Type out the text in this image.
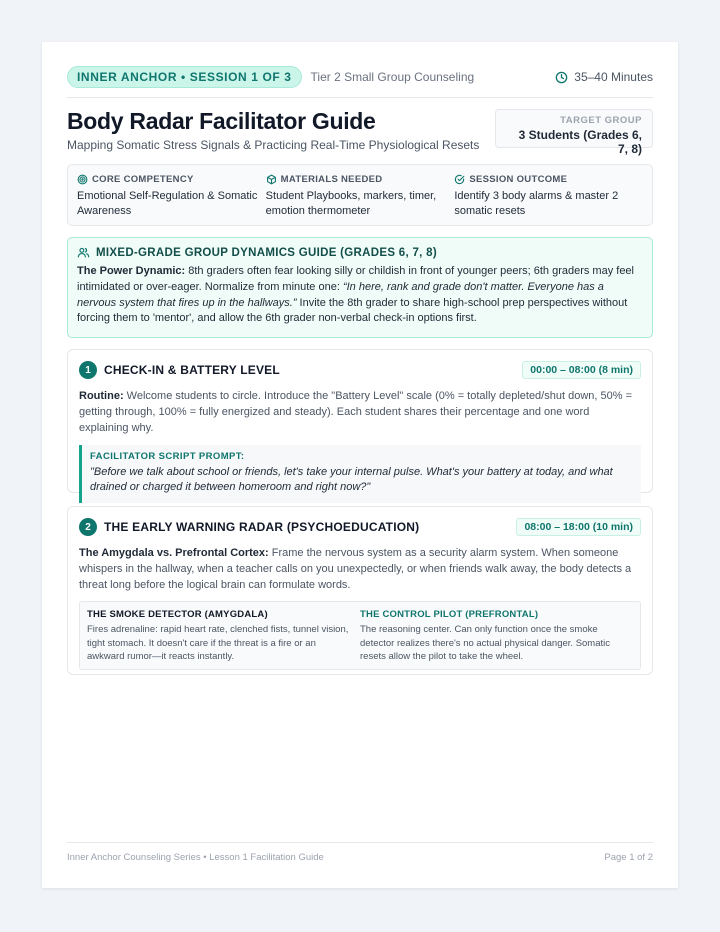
INNER ANCHOR • SESSION 1 OF 3	Tier 2 Small Group Counseling	35–40 Minutes
Body Radar Facilitator Guide
Mapping Somatic Stress Signals & Practicing Real-Time Physiological Resets
TARGET GROUP
3 Students (Grades 6, 7, 8)
CORE COMPETENCY
Emotional Self-Regulation & Somatic Awareness
MATERIALS NEEDED
Student Playbooks, markers, timer, emotion thermometer
SESSION OUTCOME
Identify 3 body alarms & master 2 somatic resets
MIXED-GRADE GROUP DYNAMICS GUIDE (GRADES 6, 7, 8)
The Power Dynamic: 8th graders often fear looking silly or childish in front of younger peers; 6th graders may feel intimidated or over-eager. Normalize from minute one: “In here, rank and grade don't matter. Everyone has a nervous system that fires up in the hallways.” Invite the 8th grader to share high-school prep perspectives without forcing them to 'mentor', and allow the 6th grader non-verbal check-in options first.
1	CHECK-IN & BATTERY LEVEL	00:00 – 08:00 (8 min)
Routine: Welcome students to circle. Introduce the "Battery Level" scale (0% = totally depleted/shut down, 50% = getting through, 100% = fully energized and steady). Each student shares their percentage and one word explaining why.
FACILITATOR SCRIPT PROMPT:
"Before we talk about school or friends, let's take your internal pulse. What's your battery at today, and what drained or charged it between homeroom and right now?"
2	THE EARLY WARNING RADAR (PSYCHOEDUCATION)	08:00 – 18:00 (10 min)
The Amygdala vs. Prefrontal Cortex: Frame the nervous system as a security alarm system. When someone whispers in the hallway, when a teacher calls on you unexpectedly, or when friends walk away, the body detects a threat long before the logical brain can formulate words.
THE SMOKE DETECTOR (AMYGDALA)
Fires adrenaline: rapid heart rate, clenched fists, tunnel vision, tight stomach. It doesn't care if the threat is a fire or an awkward rumor—it reacts instantly.
THE CONTROL PILOT (PREFRONTAL)
The reasoning center. Can only function once the smoke detector realizes there's no actual physical danger. Somatic resets allow the pilot to take the wheel.
Inner Anchor Counseling Series • Lesson 1 Facilitation Guide	Page 1 of 2
